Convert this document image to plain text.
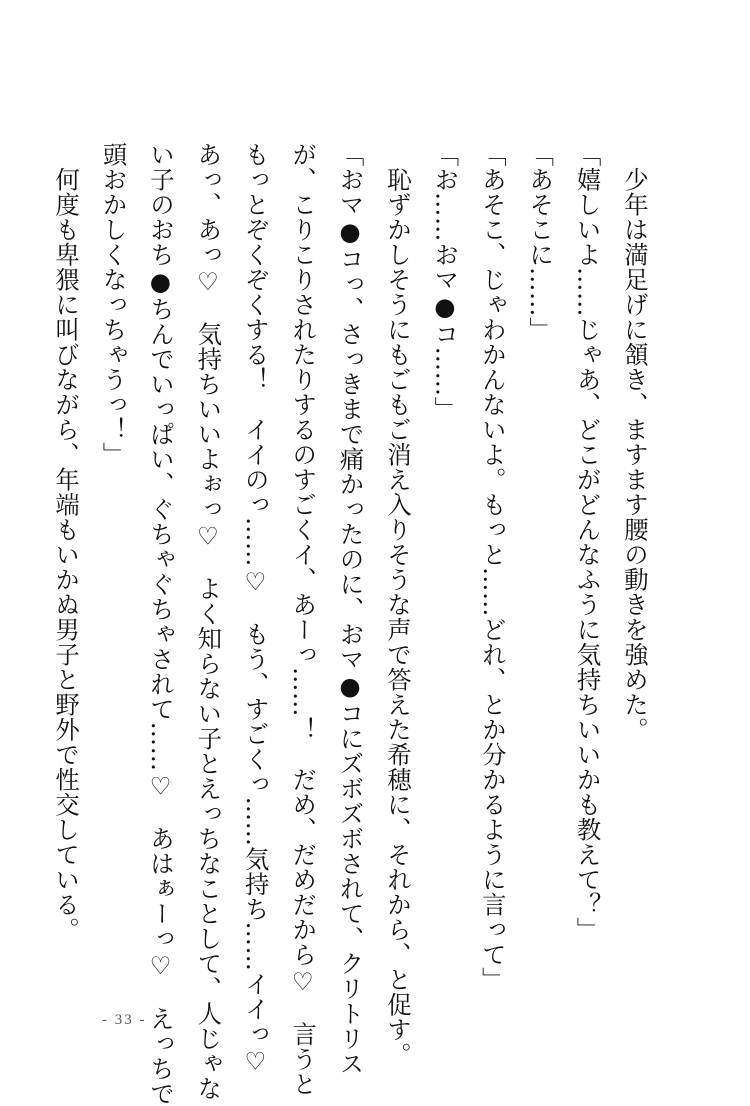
　少年は満足げに頷き、ますます腰の動きを強めた。
「嬉しいよ……じゃあ、どこがどんなふうに気持ちいいかも教えて？」
「あそこに……」
「あそこ、じゃわかんないよ。もっと……どれ、とか分かるように言って」
「お……おマ●コ……」
　恥ずかしそうにもごもご消え入りそうな声で答えた希穂に、それから、と促す。
「おマ●コっ、さっきまで痛かったのに、おマ●コにズボズボされて、クリトリス
が、こりこりされたりするのすごくイ、あーっ……！　だめ、だめだから♡　言うと
もっとぞくぞくする！　イイのっ……♡　もう、すごくっ……気持ち……イイっ♡
あっ、あっ♡　気持ちいいよぉっ♡　よく知らない子とえっちなことして、人じゃな
い子のおち●ちんでいっぱい、ぐちゃぐちゃされて……♡　あはぁーっ♡　えっちで
頭おかしくなっちゃうっ！」
　何度も卑猥に叫びながら、年端もいかぬ男子と野外で性交している。
- 33 -
